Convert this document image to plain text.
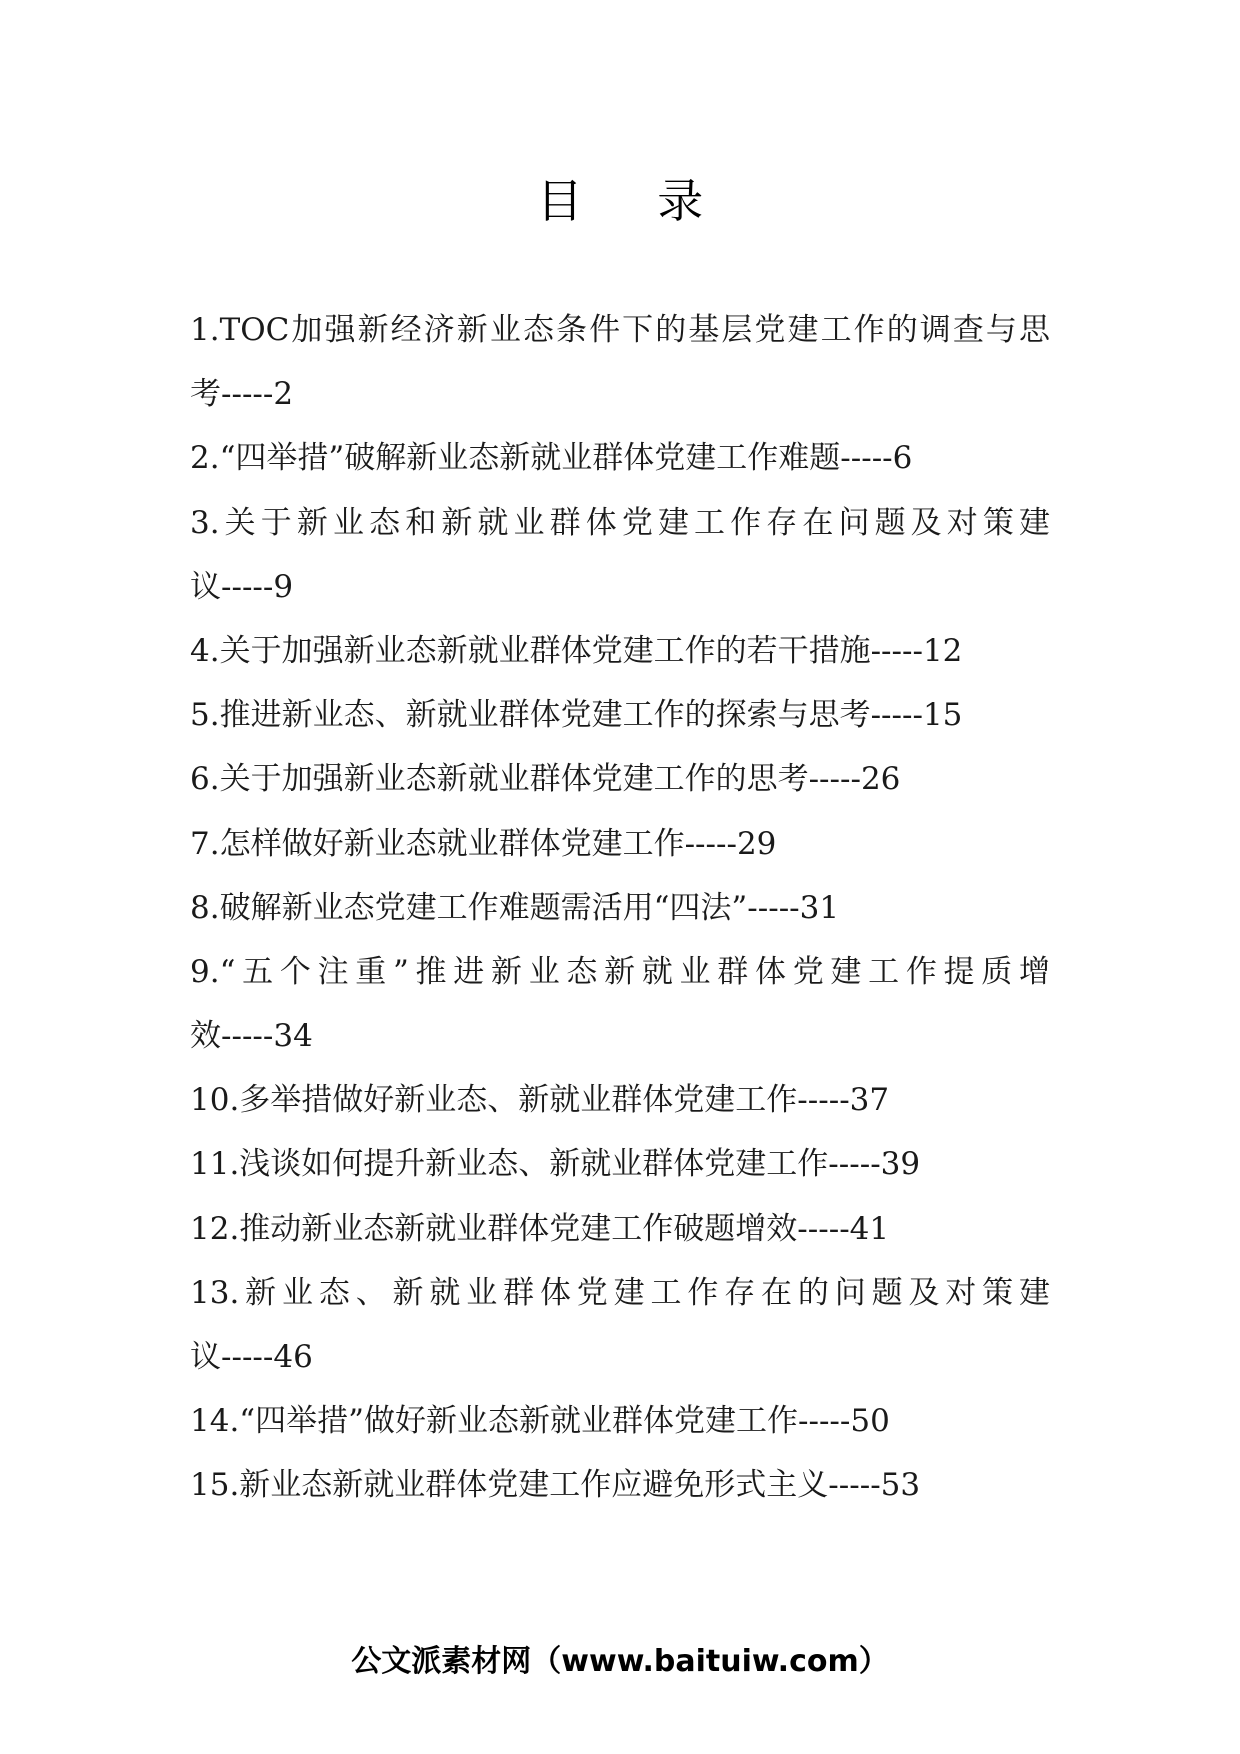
目 录
1.TOC加强新经济新业态条件下的基层党建工作的调查与思
考-----2
2.“四举措”破解新业态新就业群体党建工作难题-----6
3.关于新业态和新就业群体党建工作存在问题及对策建
议-----9
4.关于加强新业态新就业群体党建工作的若干措施-----12
5.推进新业态、新就业群体党建工作的探索与思考-----15
6.关于加强新业态新就业群体党建工作的思考-----26
7.怎样做好新业态就业群体党建工作-----29
8.破解新业态党建工作难题需活用“四法”-----31
9.“五个注重”推进新业态新就业群体党建工作提质增
效-----34
10.多举措做好新业态、新就业群体党建工作-----37
11.浅谈如何提升新业态、新就业群体党建工作-----39
12.推动新业态新就业群体党建工作破题增效-----41
13.新业态、新就业群体党建工作存在的问题及对策建
议-----46
14.“四举措”做好新业态新就业群体党建工作-----50
15.新业态新就业群体党建工作应避免形式主义-----53
公文派素材网（www.baituiw.com）
